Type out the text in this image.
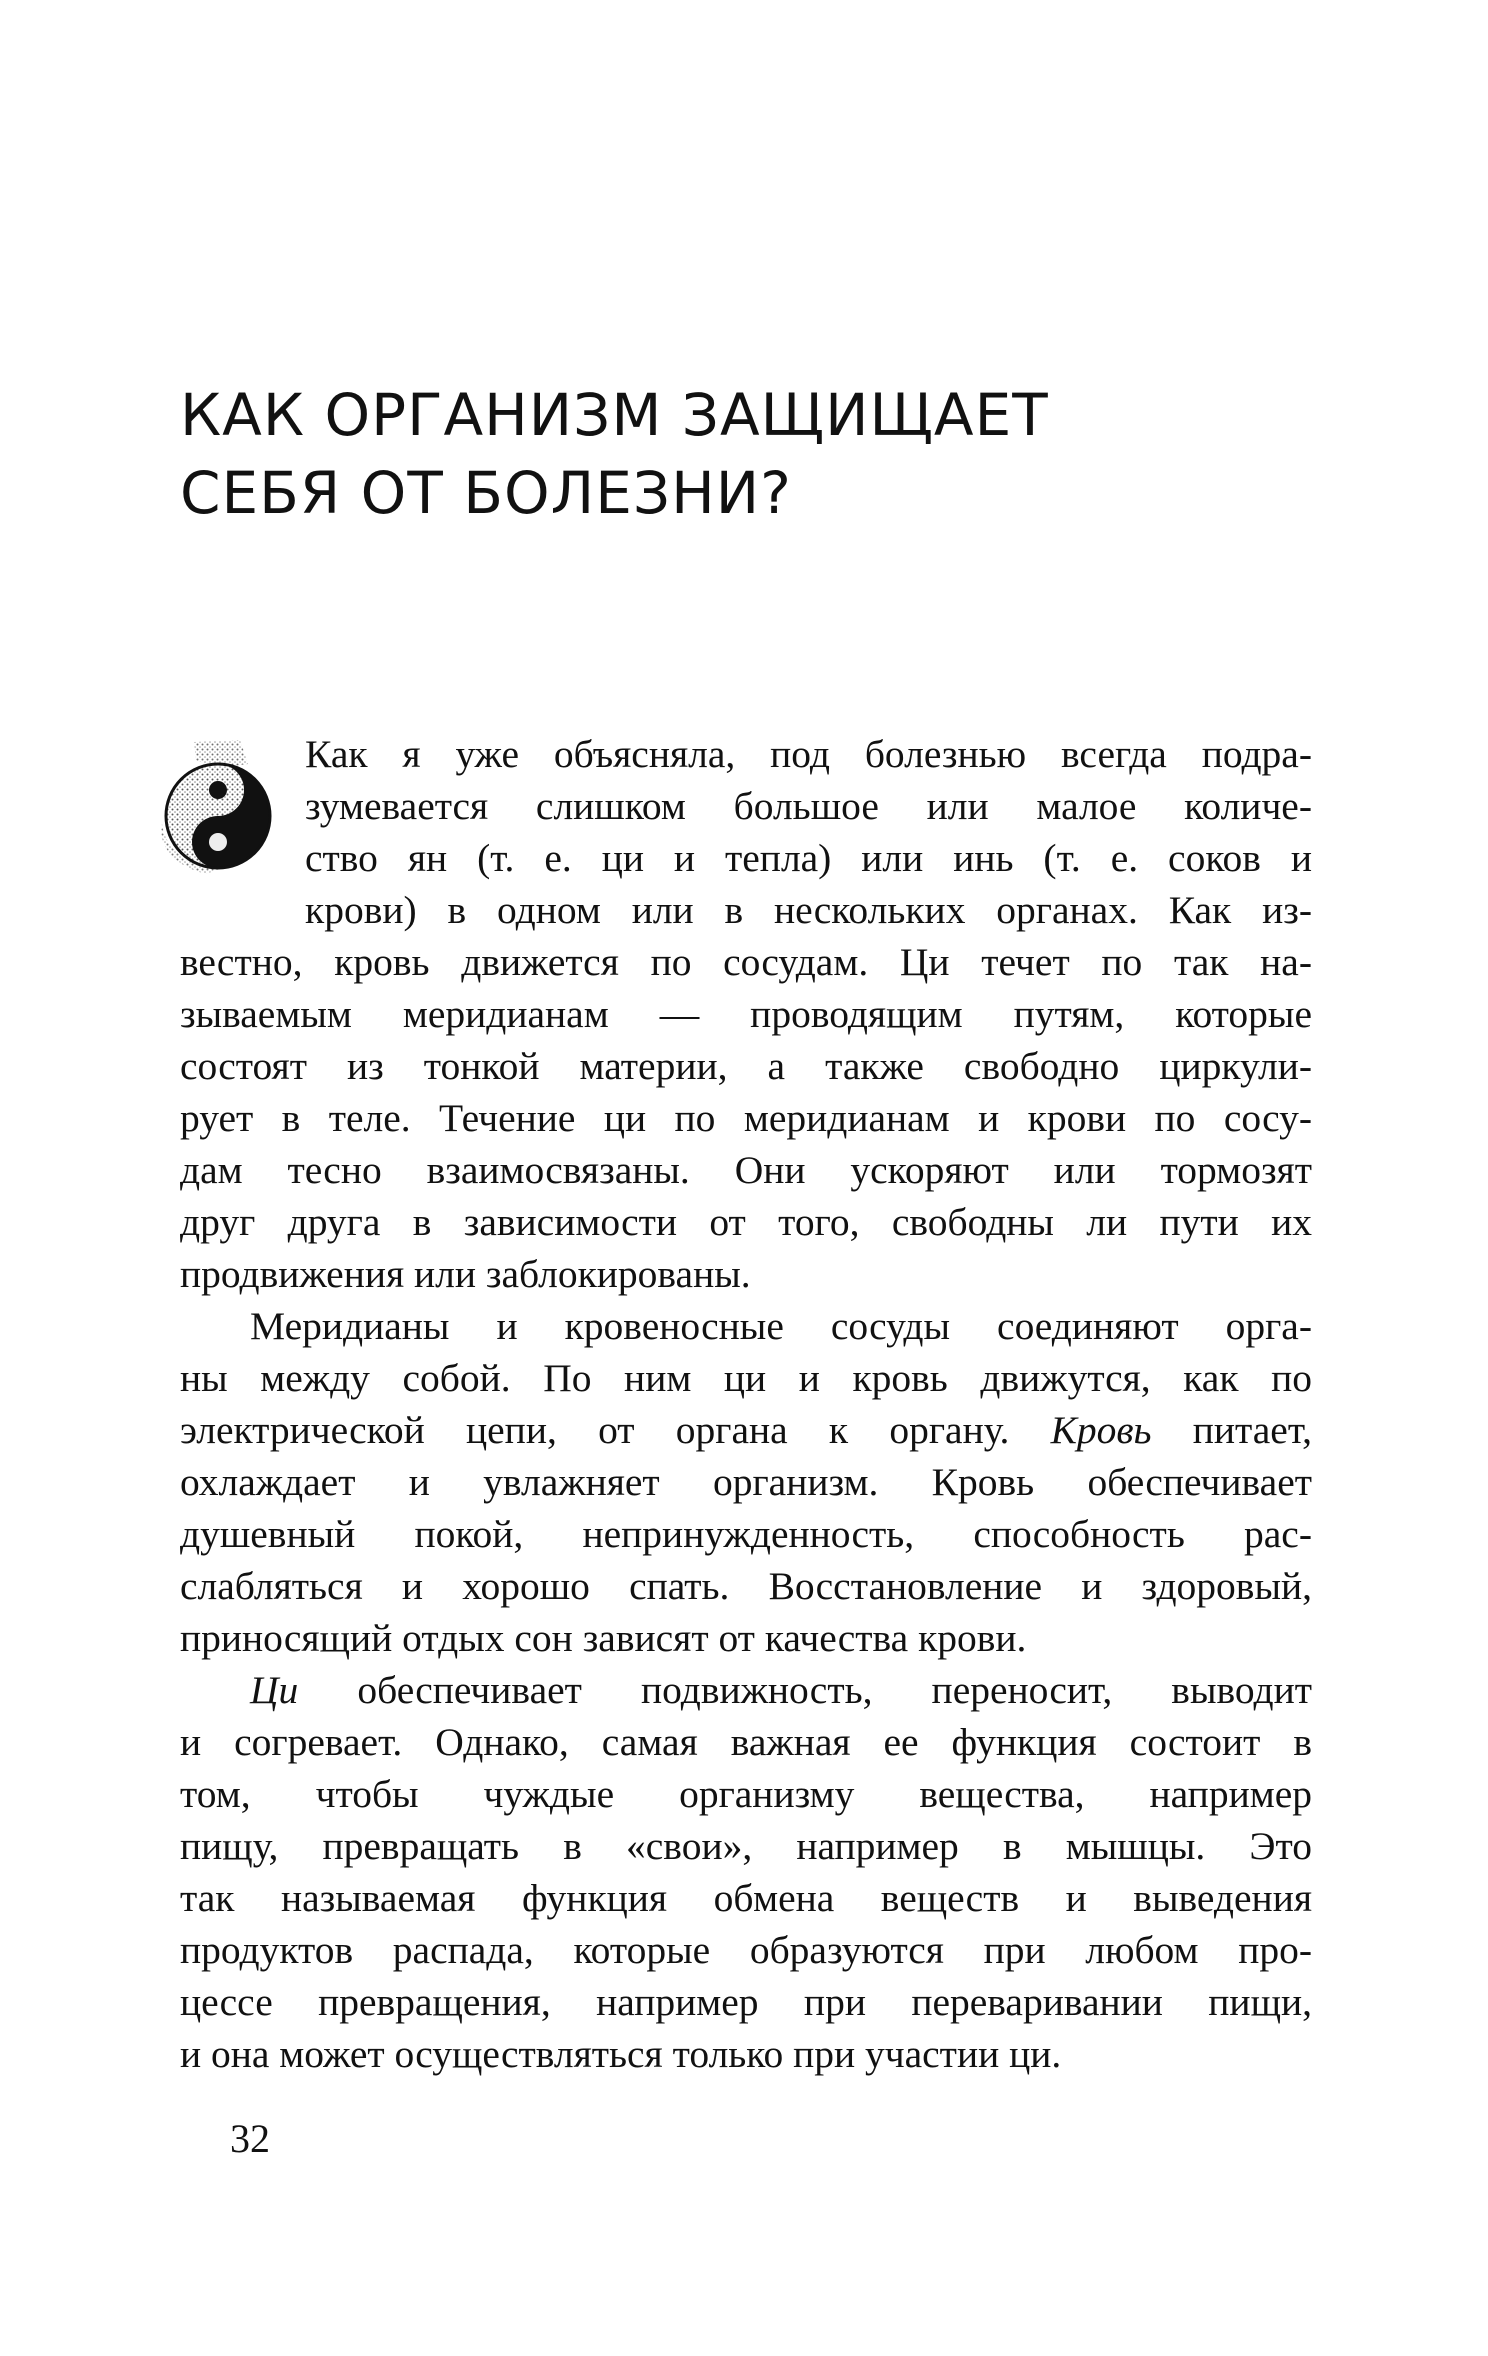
КАК ОРГАНИЗМ ЗАЩИЩАЕТ
СЕБЯ ОТ БОЛЕЗНИ?
Как я уже объясняла, под болезнью всегда подра-
зумевается слишком большое или малое количе-
ство ян (т. е. ци и тепла) или инь (т. е. соков и
крови) в одном или в нескольких органах. Как из-
вестно, кровь движется по сосудам. Ци течет по так на-
зываемым меридианам — проводящим путям, которые
состоят из тонкой материи, а также свободно циркули-
рует в теле. Течение ци по меридианам и крови по сосу-
дам тесно взаимосвязаны. Они ускоряют или тормозят
друг друга в зависимости от того, свободны ли пути их
продвижения или заблокированы.
Меридианы и кровеносные сосуды соединяют орга-
ны между собой. По ним ци и кровь движутся, как по
электрической цепи, от органа к органу. Кровь питает,
охлаждает и увлажняет организм. Кровь обеспечивает
душевный покой, непринужденность, способность рас-
слабляться и хорошо спать. Восстановление и здоровый,
приносящий отдых сон зависят от качества крови.
Ци обеспечивает подвижность, переносит, выводит
и согревает. Однако, самая важная ее функция состоит в
том, чтобы чуждые организму вещества, например
пищу, превращать в «свои», например в мышцы. Это
так называемая функция обмена веществ и выведения
продуктов распада, которые образуются при любом про-
цессе превращения, например при переваривании пищи,
и она может осуществляться только при участии ци.
32
